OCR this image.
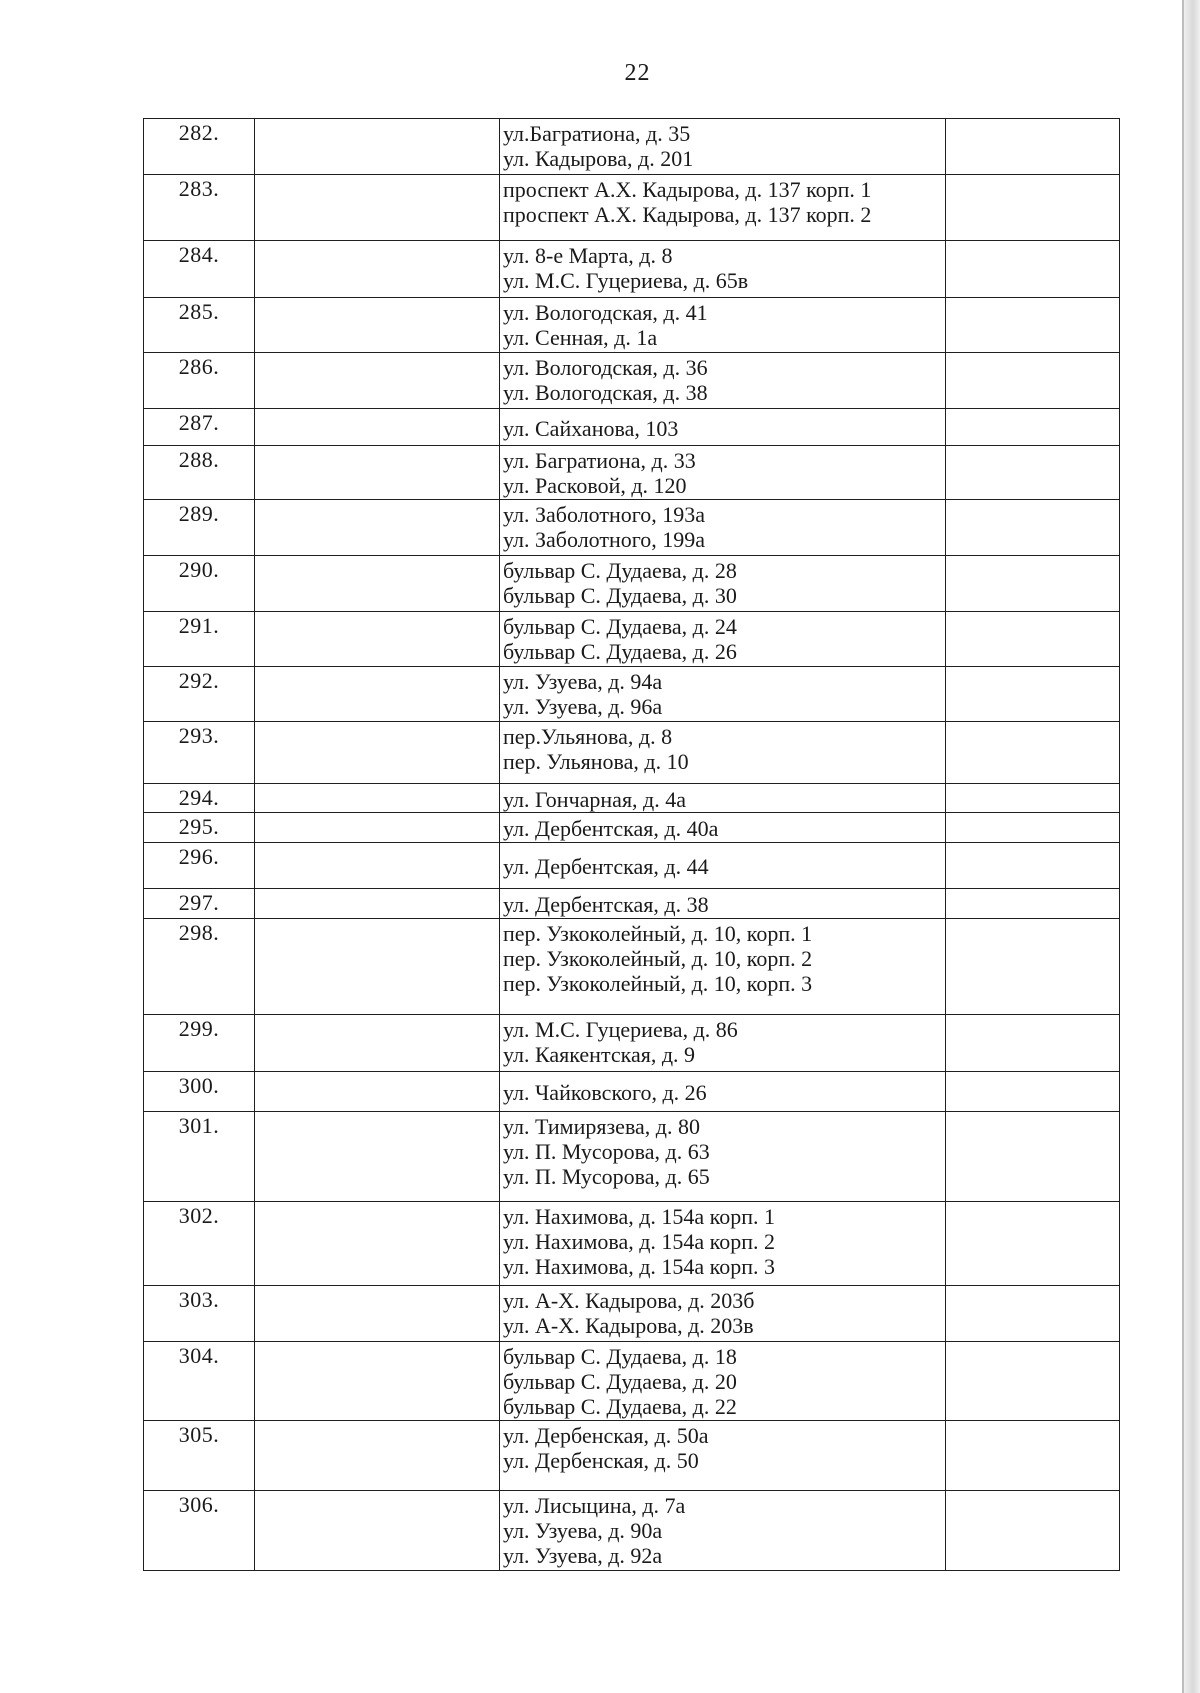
22
282.		ул.Багратиона, д. 35
ул. Кадырова, д. 201	

283.		проспект А.Х. Кадырова, д. 137 корп. 1
проспект А.Х. Кадырова, д. 137 корп. 2	

284.		ул. 8-е Марта, д. 8
ул. М.С. Гуцериева, д. 65в	

285.		ул. Вологодская, д. 41
ул. Сенная, д. 1а	

286.		ул. Вологодская, д. 36
ул. Вологодская, д. 38	

287.		ул. Сайханова, 103	

288.		ул. Багратиона, д. 33
ул. Расковой, д. 120	

289.		ул. Заболотного, 193а
ул. Заболотного, 199а	

290.		бульвар С. Дудаева, д. 28
бульвар С. Дудаева, д. 30	

291.		бульвар С. Дудаева, д. 24
бульвар С. Дудаева, д. 26	

292.		ул. Узуева, д. 94а
ул. Узуева, д. 96а	

293.		пер.Ульянова, д. 8
пер. Ульянова, д. 10	

294.		ул. Гончарная, д. 4а	

295.		ул. Дербентская, д. 40а	

296.		ул. Дербентская, д. 44	

297.		ул. Дербентская, д. 38	

298.		пер. Узкоколейный, д. 10, корп. 1
пер. Узкоколейный, д. 10, корп. 2
пер. Узкоколейный, д. 10, корп. 3	

299.		ул. М.С. Гуцериева, д. 86
ул. Каякентская, д. 9	

300.		ул. Чайковского, д. 26	

301.		ул. Тимирязева, д. 80
ул. П. Мусорова, д. 63
ул. П. Мусорова, д. 65	

302.		ул. Нахимова, д. 154а корп. 1
ул. Нахимова, д. 154а корп. 2
ул. Нахимова, д. 154а корп. 3	

303.		ул. А-Х. Кадырова, д. 203б
ул. А-Х. Кадырова, д. 203в	

304.		бульвар С. Дудаева, д. 18
бульвар С. Дудаева, д. 20
бульвар С. Дудаева, д. 22	

305.		ул. Дербенская, д. 50а
ул. Дербенская, д. 50	

306.		ул. Лисыцина, д. 7а
ул. Узуева, д. 90а
ул. Узуева, д. 92а	
